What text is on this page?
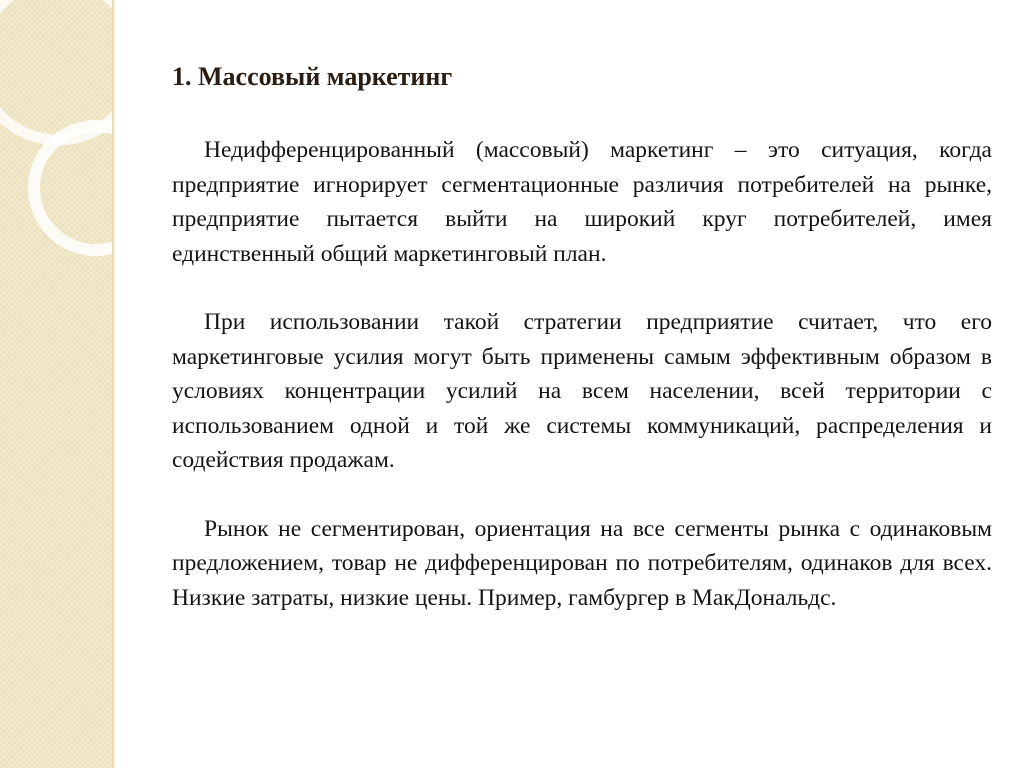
1. Массовый маркетинг

Недифференцированный (массовый) маркетинг – это ситуация, когда предприятие игнорирует сегментационные различия потребителей на рынке, предприятие пытается выйти на широкий круг потребителей, имея единственный общий маркетинговый план.

При использовании такой стратегии предприятие считает, что его маркетинговые усилия могут быть применены самым эффективным образом в условиях концентрации усилий на всем населении, всей территории с использованием одной и той же системы коммуникаций, распределения и содействия продажам.

Рынок не сегментирован, ориентация на все сегменты рынка с одинаковым предложением, товар не дифференцирован по потребителям, одинаков для всех. Низкие затраты, низкие цены. Пример, гамбургер в МакДональдс.
